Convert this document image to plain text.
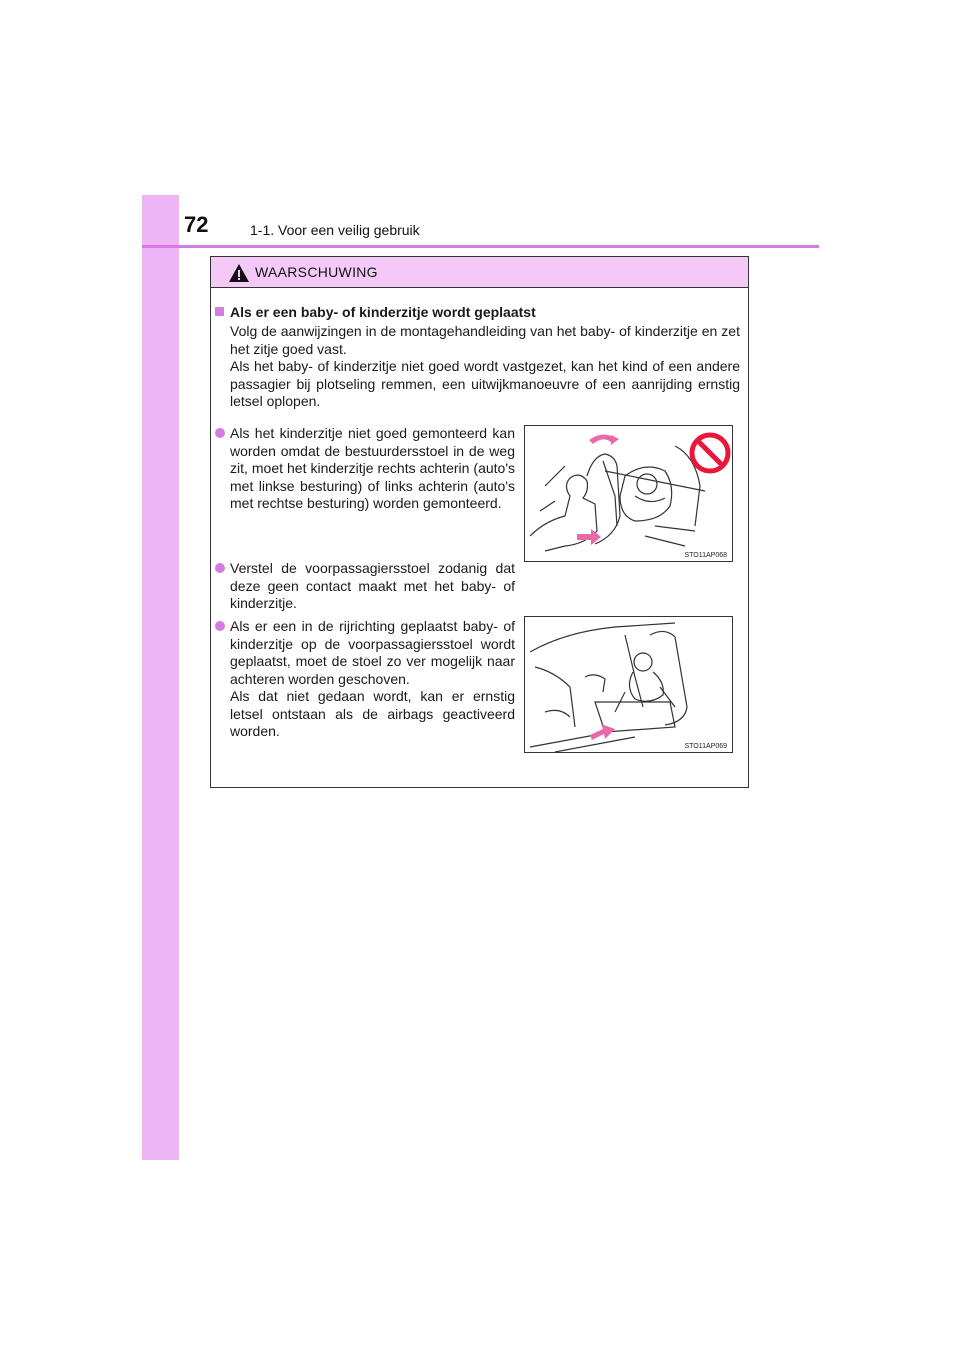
72	1-1. Voor een veilig gebruik
WAARSCHUWING
Als er een baby- of kinderzitje wordt geplaatst

Volg de aanwijzingen in de montagehandleiding van het baby- of kinderzitje en zet het zitje goed vast.

Als het baby- of kinderzitje niet goed wordt vastgezet, kan het kind of een andere passagier bij plotseling remmen, een uitwijkmanoeuvre of een aanrijding ernstig letsel oplopen.

Als het kinderzitje niet goed gemonteerd kan worden omdat de bestuurdersstoel in de weg zit, moet het kinderzitje rechts achterin (auto's met linkse besturing) of links achterin (auto's met rechtse besturing) worden gemonteerd.

Verstel de voorpassagiersstoel zodanig dat deze geen contact maakt met het baby- of kinderzitje.

Als er een in de rijrichting geplaatst baby- of kinderzitje op de voorpassagiersstoel wordt geplaatst, moet de stoel zo ver mogelijk naar achteren worden geschoven.

Als dat niet gedaan wordt, kan er ernstig letsel ontstaan als de airbags geactiveerd worden.

STO11AP068
STO11AP069
